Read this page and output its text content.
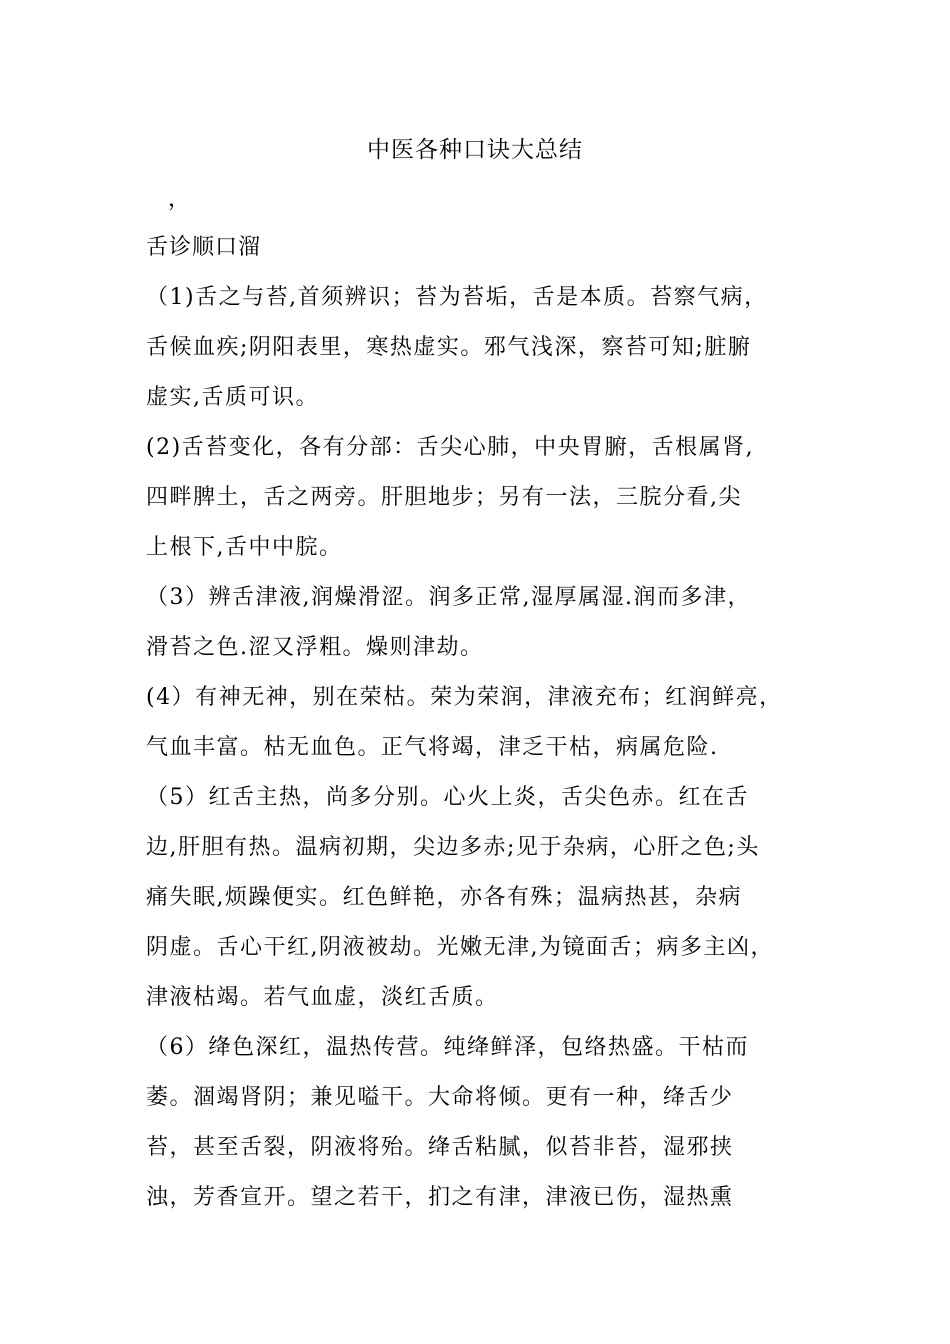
中医各种口诀大总结
，
舌诊顺口溜
（1)舌之与苔,首须辨识；苔为苔垢，舌是本质。苔察气病，
舌候血疾;阴阳表里，寒热虚实。邪气浅深，察苔可知;脏腑
虚实,舌质可识。
(2)舌苔变化，各有分部：舌尖心肺，中央胃腑，舌根属肾,
四畔脾土，舌之两旁。肝胆地步；另有一法，三脘分看,尖
上根下,舌中中脘。
（3）辨舌津液,润燥滑涩。润多正常,湿厚属湿.润而多津，
滑苔之色.涩又浮粗。燥则津劫。
(4）有神无神，别在荣枯。荣为荣润，津液充布；红润鲜亮，
气血丰富。枯无血色。正气将竭，津乏干枯，病属危险.
（5）红舌主热，尚多分别。心火上炎，舌尖色赤。红在舌
边,肝胆有热。温病初期，尖边多赤;见于杂病，心肝之色;头
痛失眠,烦躁便实。红色鲜艳，亦各有殊；温病热甚，杂病
阴虚。舌心干红,阴液被劫。光嫩无津,为镜面舌；病多主凶，
津液枯竭。若气血虚，淡红舌质。
（6）绛色深红，温热传营。纯绛鲜泽，包络热盛。干枯而
萎。涸竭肾阴；兼见嗌干。大命将倾。更有一种，绛舌少
苔，甚至舌裂，阴液将殆。绛舌粘腻，似苔非苔，湿邪挟
浊，芳香宣开。望之若干，扪之有津，津液已伤，湿热熏
